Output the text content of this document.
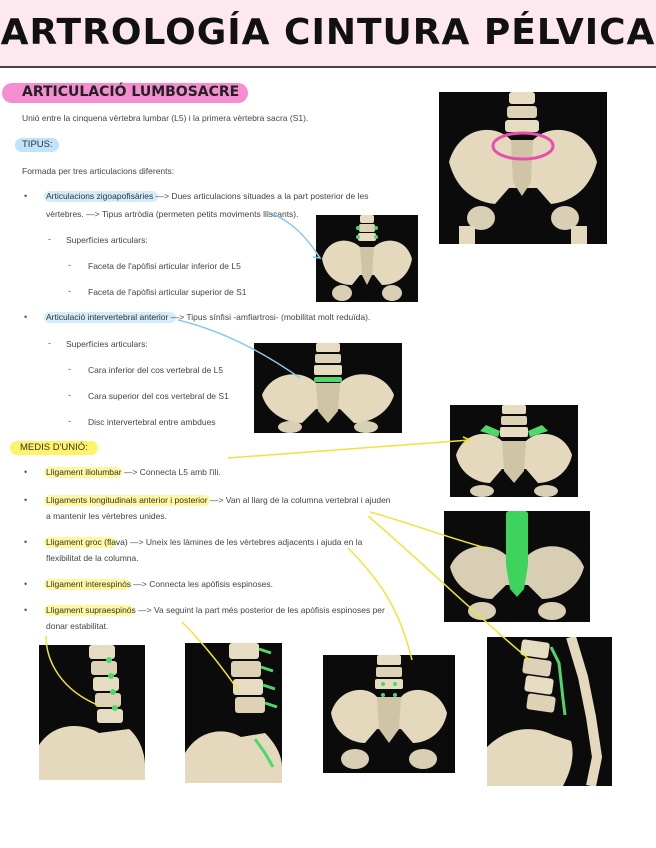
ARTROLOGÍA CINTURA PÉLVICA
ARTICULACIÓ LUMBOSACRE
Unió entre la cinquena vèrtebra lumbar (L5) i la primera vèrtebra sacra (S1).
TIPUS:
Formada per tres articulacions diferents:
• Articulacions zigoapofisàries —> Dues articulacions situades a la part posterior de les
vèrtebres. —> Tipus artròdia (permeten petits moviments lliscants).
- Superfícies articulars:
- Faceta de l'apòfisi articular inferior de L5
- Faceta de l'apòfisi articular superior de S1
• Articulació intervertebral anterior —> Tipus sínfisi -amfiartrosi- (mobilitat molt reduïda).
- Superfícies articulars:
- Cara inferior del cos vertebral de L5
- Cara superior del cos vertebral de S1
- Disc intervertebral entre ambdues
MEDIS D'UNIÓ:
• Lligament iliolumbar —> Connecta L5 amb l'ili.
• Lligaments longitudinals anterior i posterior —> Van al llarg de la columna vertebral i ajuden
a mantenir les vèrtebres unides.
• Lligament groc (flava) —> Uneix les làmines de les vèrtebres adjacents i ajuda en la
flexibilitat de la columna.
• Lligament interespinós —> Connecta les apòfisis espinoses.
• Lligament supraespinós —> Va seguint la part més posterior de les apòfisis espinoses per
donar estabilitat.
